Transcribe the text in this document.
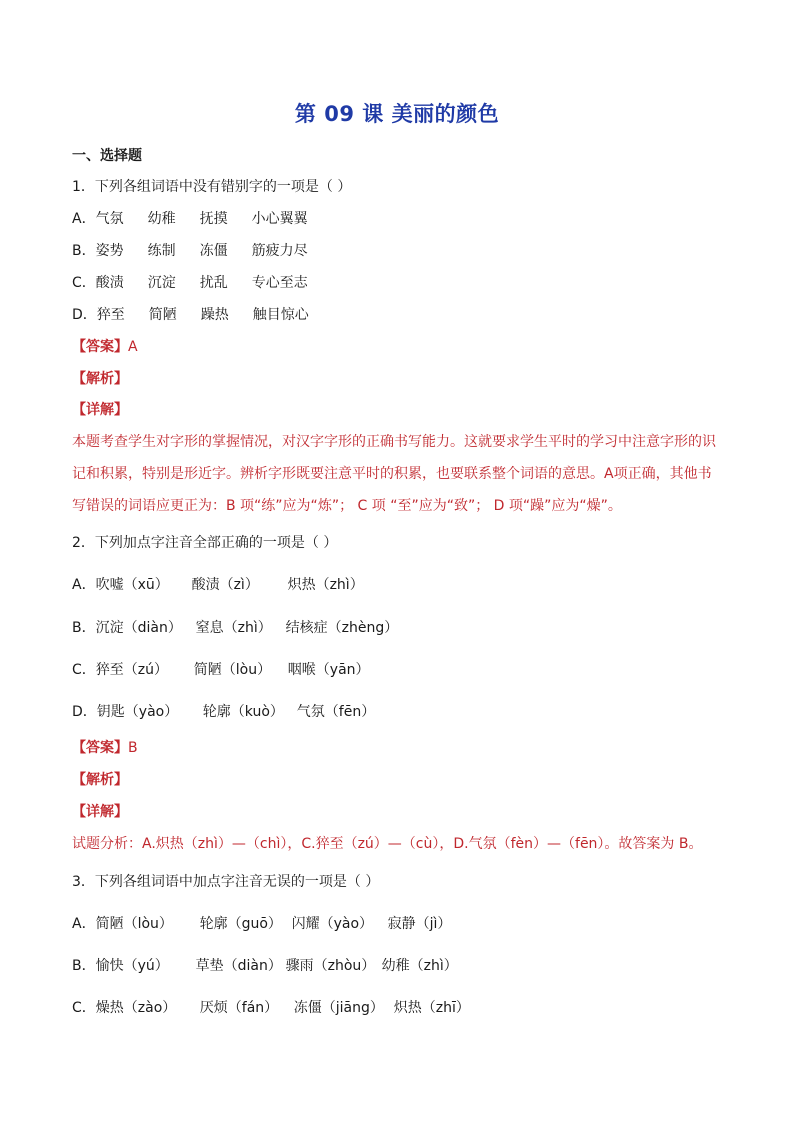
第 09 课 美丽的颜色
一、选择题
1．下列各组词语中没有错别字的一项是（ ）
A．气氛 幼稚 抚摸 小心翼翼
B．姿势 练制 冻僵 筋疲力尽
C．酸渍 沉淀 扰乱 专心至志
D．猝至 简陋 躁热 触目惊心
【答案】A
【解析】
【详解】
本题考查学生对字形的掌握情况，对汉字字形的正确书写能力。这就要求学生平时的学习中注意字形的识
记和积累，特别是形近字。辨析字形既要注意平时的积累，也要联系整个词语的意思。A项正确，其他书
写错误的词语应更正为：B 项“练”应为“炼”； C 项 “至”应为“致”； D 项“躁”应为“燥”。
2．下列加点字注音全部正确的一项是（ ）
A．吹嘘（xū） 酸渍（zì） 炽热（zhì）
B．沉淀（diàn） 窒息（zhì） 结核症（zhèng）
C．猝至（zú） 简陋（lòu） 咽喉（yān）
D．钥匙（yào） 轮廓（kuò） 气氛（fēn）
【答案】B
【解析】
【详解】
试题分析：A.炽热（zhì）—（chì），C.猝至（zú）—（cù），D.气氛（fèn）—（fēn）。故答案为 B。
3．下列各组词语中加点字注音无误的一项是（ ）
A．简陋（lòu） 轮廓（guō） 闪耀（yào） 寂静（jì）
B．愉快（yú） 草垫（diàn） 骤雨（zhòu） 幼稚（zhì）
C．燥热（zào） 厌烦（fán） 冻僵（jiāng） 炽热（zhī）
